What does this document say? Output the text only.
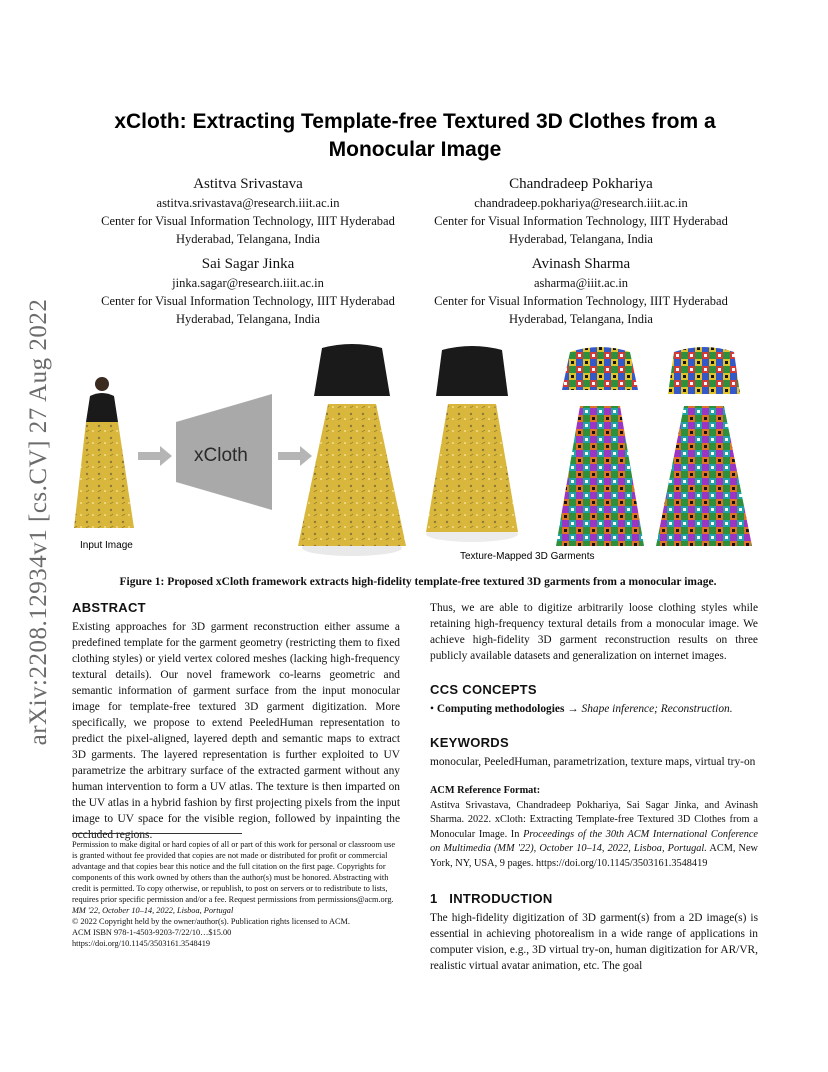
arXiv:2208.12934v1 [cs.CV] 27 Aug 2022
xCloth: Extracting Template-free Textured 3D Clothes from a
Monocular Image
Astitva Srivastava
astitva.srivastava@research.iiit.ac.in
Center for Visual Information Technology, IIIT Hyderabad
Hyderabad, Telangana, India
Chandradeep Pokhariya
chandradeep.pokhariya@research.iiit.ac.in
Center for Visual Information Technology, IIIT Hyderabad
Hyderabad, Telangana, India
Sai Sagar Jinka
jinka.sagar@research.iiit.ac.in
Center for Visual Information Technology, IIIT Hyderabad
Hyderabad, Telangana, India
Avinash Sharma
asharma@iiit.ac.in
Center for Visual Information Technology, IIIT Hyderabad
Hyderabad, Telangana, India
Input Image
xCloth
Texture-Mapped 3D Garments
Figure 1: Proposed xCloth framework extracts high-fidelity template-free textured 3D garments from a monocular image.
ABSTRACT

Existing approaches for 3D garment reconstruction either assume a predefined template for the garment geometry (restricting them to fixed clothing styles) or yield vertex colored meshes (lacking high-frequency textural details). Our novel framework co-learns geometric and semantic information of garment surface from the input monocular image for template-free textured 3D garment digitization. More specifically, we propose to extend PeeledHuman representation to predict the pixel-aligned, layered depth and semantic maps to extract 3D garments. The layered representation is further exploited to UV parametrize the arbitrary surface of the extracted garment without any human intervention to form a UV atlas. The texture is then imparted on the UV atlas in a hybrid fashion by first projecting pixels from the input image to UV space for the visible region, followed by inpainting the occluded regions.

Permission to make digital or hard copies of all or part of this work for personal or classroom use is granted without fee provided that copies are not made or distributed for profit or commercial advantage and that copies bear this notice and the full citation on the first page. Copyrights for components of this work owned by others than the author(s) must be honored. Abstracting with credit is permitted. To copy otherwise, or republish, to post on servers or to redistribute to lists, requires prior specific permission and/or a fee. Request permissions from permissions@acm.org.

MM '22, October 10–14, 2022, Lisboa, Portugal

© 2022 Copyright held by the owner/author(s). Publication rights licensed to ACM.

ACM ISBN 978-1-4503-9203-7/22/10…$15.00

https://doi.org/10.1145/3503161.3548419

Thus, we are able to digitize arbitrarily loose clothing styles while retaining high-frequency textural details from a monocular image. We achieve high-fidelity 3D garment reconstruction results on three publicly available datasets and generalization on internet images.

CCS CONCEPTS

• Computing methodologies → Shape inference; Reconstruction.

KEYWORDS

monocular, PeeledHuman, parametrization, texture maps, virtual try-on

ACM Reference Format:
Astitva Srivastava, Chandradeep Pokhariya, Sai Sagar Jinka, and Avinash Sharma. 2022. xCloth: Extracting Template-free Textured 3D Clothes from a Monocular Image. In Proceedings of the 30th ACM International Conference on Multimedia (MM '22), October 10–14, 2022, Lisboa, Portugal. ACM, New York, NY, USA, 9 pages. https://doi.org/10.1145/3503161.3548419
1 INTRODUCTION

The high-fidelity digitization of 3D garment(s) from a 2D image(s) is essential in achieving photorealism in a wide range of applications in computer vision, e.g., 3D virtual try-on, human digitization for AR/VR, realistic virtual avatar animation, etc. The goal
